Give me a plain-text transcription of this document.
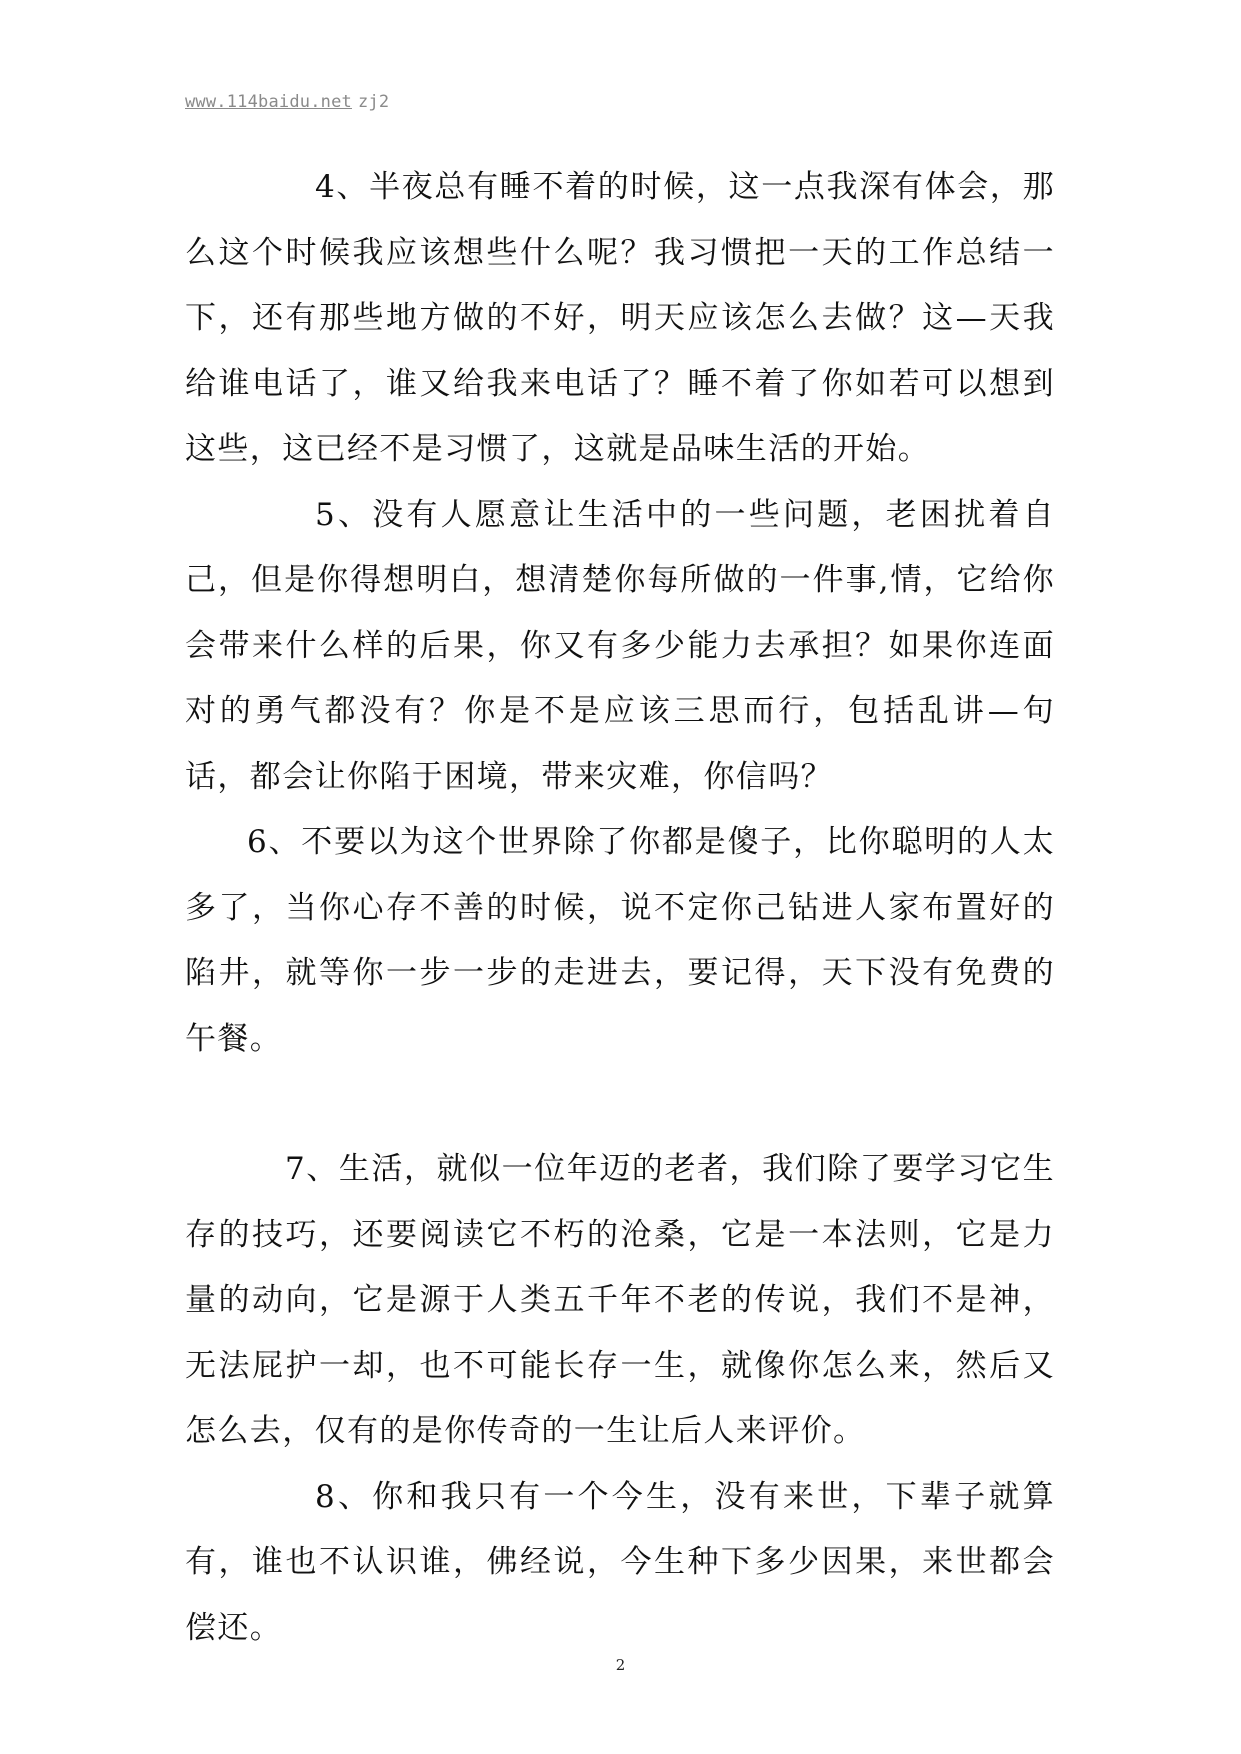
www.114baidu.net zj2

4、半夜总有睡不着的时候，这一点我深有体会，那么这个时候我应该想些什么呢？我习惯把一天的工作总结一下，还有那些地方做的不好，明天应该怎么去做？这—天我给谁电话了，谁又给我来电话了？睡不着了你如若可以想到这些，这已经不是习惯了，这就是品味生活的开始。

5、没有人愿意让生活中的一些问题，老困扰着自己，但是你得想明白，想清楚你每所做的一件事,情，它给你会带来什么样的后果，你又有多少能力去承担？如果你连面对的勇气都没有？你是不是应该三思而行，包括乱讲—句话，都会让你陷于困境，带来灾难，你信吗？

6、不要以为这个世界除了你都是傻子，比你聪明的人太多了，当你心存不善的时候，说不定你己钻进人家布置好的陷井，就等你一步一步的走进去，要记得，天下没有免费的午餐。

7、生活，就似一位年迈的老者，我们除了要学习它生存的技巧，还要阅读它不朽的沧桑，它是一本法则，它是力量的动向，它是源于人类五千年不老的传说，我们不是神，无法屁护一却，也不可能长存一生，就像你怎么来，然后又怎么去，仅有的是你传奇的一生让后人来评价。

8、你和我只有一个今生，没有来世，下辈子就算有，谁也不认识谁，佛经说，今生种下多少因果，来世都会偿还。

2
